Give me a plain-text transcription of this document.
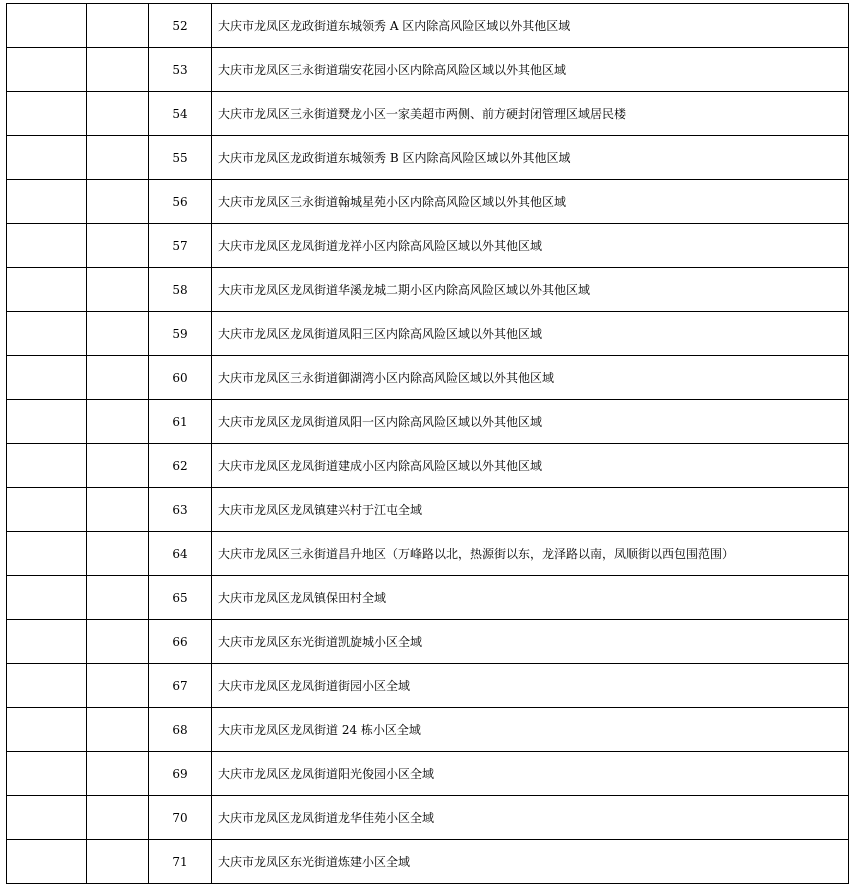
		52	大庆市龙凤区龙政街道东城领秀 A 区内除高风险区域以外其他区域
		53	大庆市龙凤区三永街道瑞安花园小区内除高风险区域以外其他区域
		54	大庆市龙凤区三永街道燹龙小区一家美超市两侧、前方硬封闭管理区域居民楼
		55	大庆市龙凤区龙政街道东城领秀 B 区内除高风险区域以外其他区域
		56	大庆市龙凤区三永街道翰城星苑小区内除高风险区域以外其他区域
		57	大庆市龙凤区龙凤街道龙祥小区内除高风险区域以外其他区域
		58	大庆市龙凤区龙凤街道华溪龙城二期小区内除高风险区域以外其他区域
		59	大庆市龙凤区龙凤街道凤阳三区内除高风险区域以外其他区域
		60	大庆市龙凤区三永街道御湖湾小区内除高风险区域以外其他区域
		61	大庆市龙凤区龙凤街道凤阳一区内除高风险区域以外其他区域
		62	大庆市龙凤区龙凤街道建成小区内除高风险区域以外其他区域
		63	大庆市龙凤区龙凤镇建兴村于江屯全域
		64	大庆市龙凤区三永街道昌升地区（万峰路以北，热源街以东，龙泽路以南，凤顺街以西包围范围）
		65	大庆市龙凤区龙凤镇保田村全域
		66	大庆市龙凤区东光街道凯旋城小区全域
		67	大庆市龙凤区龙凤街道街园小区全域
		68	大庆市龙凤区龙凤街道 24 栋小区全域
		69	大庆市龙凤区龙凤街道阳光俊园小区全域
		70	大庆市龙凤区龙凤街道龙华佳苑小区全域
		71	大庆市龙凤区东光街道炼建小区全域
